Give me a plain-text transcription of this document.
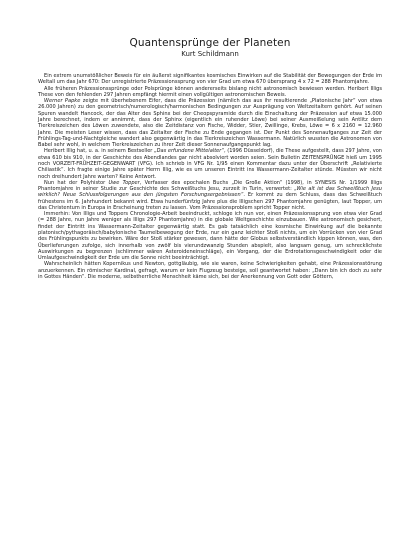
Quantensprünge der Planeten
Kurt Schildmann

Ein extrem unumstößlicher Beweis für ein äußerst signifikantes kosmisches Einwirken auf die Stabilität der Bewegungen der Erde im Weltall um das Jahr 670: Der unregistrierte Präzessionssprung von vier Grad um etwa 670 übersprang 4 x 72 = 288 Phantomjahre.

Alle früheren Präzessionssprünge oder Polsprünge können andererseits bislang nicht astronomisch bewiesen werden. Heribert Illigs These von den fehlenden 297 Jahren empfängt hiermit einen vollgültigen astronomischen Beweis.

Werner Papke zeigte mit überhebenem Eifer, dass die Präzession (nämlich das aus ihr resultierende „Platonische Jahr“ von etwa 26.000 Jahren) zu den geometrisch/numerologisch/harmonischen Bedingungen zur Ausprägung von Weltzeitaltern gehört. Auf seinen Spuren wandelt Hancock, der das Alter des Sphinx bei der Cheopspyramide durch die Einschaltung der Präzession auf etwa 15.000 Jahre berechnet, indem er annimmt, dass der Sphinx (eigentlich ein ruhender Löwe) bei seiner Ausmeißelung sein Antlitz dem Tierkreiszeichen des Löwen zuwendete, also die Zeitdistanz von Fische, Widder, Stier, Zwillinge, Krebs, Löwe = 6 x 2160 = 12.960 Jahre. Die meisten Leser wissen, dass das Zeitalter der Fische zu Ende gegangen ist. Der Punkt des Sonnenaufganges zur Zeit der Frühlings-Tag-und-Nachtgleiche wandert also gegenwärtig in das Tierkreiszeichen Wassermann. Natürlich wussten die Astronomen von Babel sehr wohl, in welchem Tierkreiszeichen zu ihrer Zeit dieser Sonnenaufgangspunkt lag.

Heribert Illig hat, u. a. in seinem Bestseller „Das erfundene Mittelalter“, (1996 Düsseldorf), die These aufgestellt, dass 297 Jahre, von etwa 610 bis 910, in der Geschichte des Abendlandes gar nicht absolviert worden seien. Sein Bulletin ZEITENSPRÜNGE hieß um 1995 noch VORZEIT-FRÜHZEIT-GEGENWART (VFG). Ich schrieb in VFG Nr. 1/95 einen Kommentar dazu unter der Überschrift „Relativierte Chiliastik“. Ich fragte einige Jahre später Herrn Illig, wie es um unseren Eintritt ins Wassermann-Zeitalter stünde. Müssten wir nicht noch dreihundert Jahre warten? Keine Antwort.

Nun hat der Polyhistor Uwe Topper, Verfasser des epochalen Buchs „Die Große Aktion“ (1998), in SYNESIS Nr. 1/1999 Illigs Phantomjahre in seiner Studie zur Geschichte des Schweißtuchs Jesu, zurzeit in Turin, verwertet: „Wie alt ist das Schweißtuch Jesu wirklich? Neue Schlussfolgerungen aus den jüngsten Forschungsergebnissen“. Er kommt zu dem Schluss, dass das Schweißtuch frühestens im 6. Jahrhundert bekannt wird. Etwa hunderfünfzig Jahre plus die Illigschen 297 Phantomjahre genügten, laut Topper, um das Christentum in Europa in Erscheinung treten zu lassen. Vom Präzessionsproblem spricht Topper nicht.

Immerhin: Von Illigs und Toppers Chronologie-Arbeit beeindruckt, schloge ich nun vor, einen Präzessionssprung von etwa vier Grad (= 288 Jahre, nun Jahre weniger als Illigs 297 Phantomjahre) in die globale Weltgeschichte einzubauen. Wie astronomisch gesichert, findet der Eintritt ins Wassermann-Zeitalter gegenwärtig statt. Es gab tatsächlich eine kosmische Einwirkung auf die bekannte platonisch/pythagoräisch/babylonische Taumelbewegung der Erde, nur ein ganz leichter Stoß nichts, um ein Vorrücken von vier Grad des Frühlingspunkts zu bewirken. Wäre der Stoß stärker gewesen, dann hätte der Globus selbstverständlich kippen können, was, den Überlieferungen zufolge, sich innerhalb von zwölf bis vierundzwanzig Stunden abspielt, also langsam genug, um schrecklichste Auswirkungen zu begrenzen (schlimmer wären Asteroideneinschläge), ein Vorgang, der die Erdrotationsgeschwindigkeit oder die Umlaufgeschwindigkeit der Erde um die Sonne nicht beeinträchtigt.

Wahrscheinlich hätten Kopernikus und Newton, gottgläubig, wie sie waren, keine Schwierigkeiten gehabt, eine Präzessionsstörung anzuerkennen. Ein römischer Kardinal, gefragt, warum er kein Flugzeug besteige, soll geantwortet haben: „Dann bin ich doch zu sehr in Gottes Händen“. Die moderne, selbstherrliche Menschheit käme sich, bei der Anerkennung von Gott oder Göttern,
